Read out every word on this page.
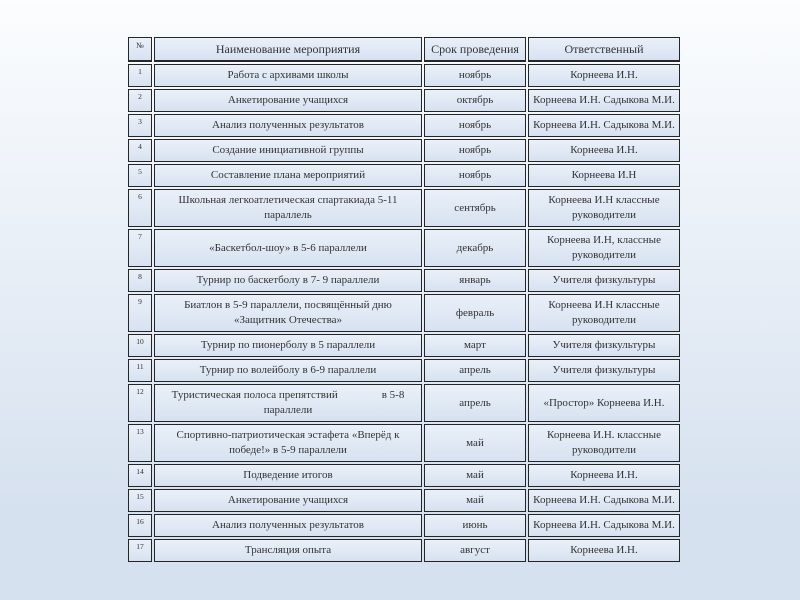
№	Наименование мероприятия	Срок проведения	Ответственный
1	Работа с архивами школы	ноябрь	Корнеева И.Н.
2	Анкетирование учащихся	октябрь	Корнеева И.Н. Садыкова М.И.
3	Анализ полученных результатов	ноябрь	Корнеева И.Н. Садыкова М.И.
4	Создание инициативной группы	ноябрь	Корнеева И.Н.
5	Составление плана мероприятий	ноябрь	Корнеева И.Н
6	Школьная легкоатлетическая спартакиада 5-11 параллель	сентябрь	Корнеева И.Н классные руководители
7	«Баскетбол-шоу» в 5-6 параллели	декабрь	Корнеева И.Н, классные руководители
8	Турнир по баскетболу в 7- 9 параллели	январь	Учителя физкультуры
9	Биатлон в 5-9 параллели, посвящённый дню «Защитник Отечества»	февраль	Корнеева И.Н классные руководители
10	Турнир по пионерболу в 5 параллели	март	Учителя физкультуры
11	Турнир по волейболу в 6-9 параллели	апрель	Учителя физкультуры
12	Туристическая полоса препятствий    в 5-8 параллели	апрель	«Простор» Корнеева И.Н.
13	Спортивно-патриотическая эстафета «Вперёд к победе!» в 5-9 параллели	май	Корнеева И.Н. классные руководители
14	Подведение итогов	май	Корнеева И.Н.
15	Анкетирование учащихся	май	Корнеева И.Н. Садыкова М.И.
16	Анализ полученных результатов	июнь	Корнеева И.Н. Садыкова М.И.
17	Трансляция опыта	август	Корнеева И.Н.
